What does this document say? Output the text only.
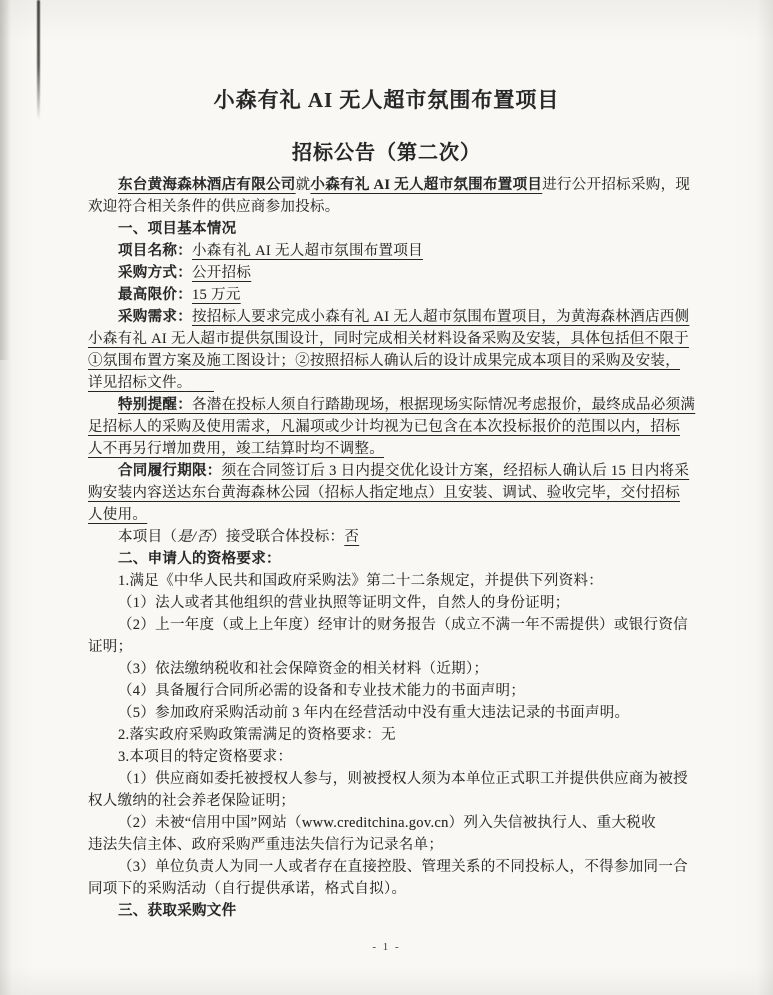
小森有礼 AI 无人超市氛围布置项目
招标公告（第二次）
东台黄海森林酒店有限公司就小森有礼 AI 无人超市氛围布置项目进行公开招标采购，现
欢迎符合相关条件的供应商参加投标。
一、项目基本情况
项目名称：小森有礼 AI 无人超市氛围布置项目
采购方式：公开招标
最高限价：15 万元
采购需求：按招标人要求完成小森有礼 AI 无人超市氛围布置项目，为黄海森林酒店西侧
小森有礼 AI 无人超市提供氛围设计，同时完成相关材料设备采购及安装，具体包括但不限于
①氛围布置方案及施工图设计；②按照招标人确认后的设计成果完成本项目的采购及安装，
详见招标文件。　　
特别提醒：各潜在投标人须自行踏勘现场，根据现场实际情况考虑报价，最终成品必须满
足招标人的采购及使用需求，凡漏项或少计均视为已包含在本次投标报价的范围以内，招标
人不再另行增加费用，竣工结算时均不调整。
合同履行期限：须在合同签订后 3 日内提交优化设计方案，经招标人确认后 15 日内将采
购安装内容送达东台黄海森林公园（招标人指定地点）且安装、调试、验收完毕，交付招标
人使用。
本项目（是/否）接受联合体投标：否
二、申请人的资格要求：
1.满足《中华人民共和国政府采购法》第二十二条规定，并提供下列资料：
（1）法人或者其他组织的营业执照等证明文件，自然人的身份证明；
（2）上一年度（或上上年度）经审计的财务报告（成立不满一年不需提供）或银行资信
证明；
（3）依法缴纳税收和社会保障资金的相关材料（近期）；
（4）具备履行合同所必需的设备和专业技术能力的书面声明；
（5）参加政府采购活动前 3 年内在经营活动中没有重大违法记录的书面声明。
2.落实政府采购政策需满足的资格要求：无
3.本项目的特定资格要求：
（1）供应商如委托被授权人参与，则被授权人须为本单位正式职工并提供供应商为被授
权人缴纳的社会养老保险证明；
（2）未被“信用中国”网站（www.creditchina.gov.cn）列入失信被执行人、重大税收
违法失信主体、政府采购严重违法失信行为记录名单；
（3）单位负责人为同一人或者存在直接控股、管理关系的不同投标人，不得参加同一合
同项下的采购活动（自行提供承诺，格式自拟）。
三、获取采购文件
- 1 -
